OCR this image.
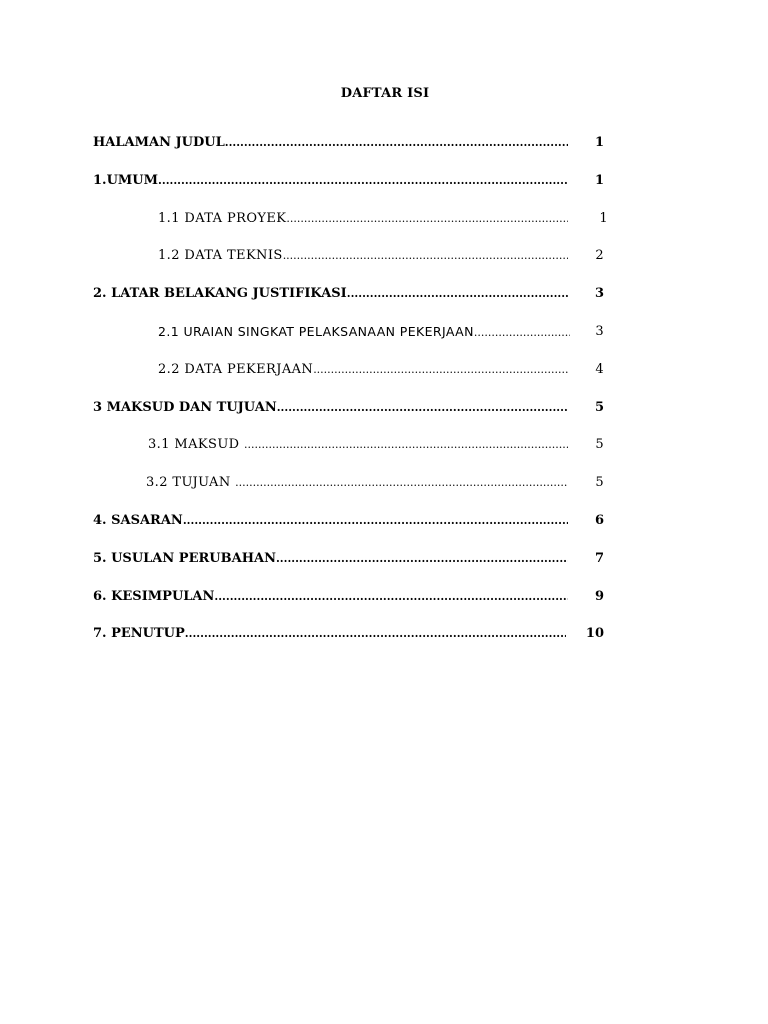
DAFTAR ISI
HALAMAN JUDUL .....	1
1.UMUM .....	1
1.1 DATA PROYEK .....	1
1.2 DATA TEKNIS .....	2
2. LATAR BELAKANG JUSTIFIKASI .....	3
2.1 URAIAN SINGKAT PELAKSANAAN PEKERJAAN .....	3
2.2 DATA PEKERJAAN .....	4
3 MAKSUD DAN TUJUAN .....	5
3.1 MAKSUD .....	5
3.2 TUJUAN .....	5
4. SASARAN .....	6
5. USULAN PERUBAHAN .....	7
6. KESIMPULAN .....	9
7. PENUTUP .....	10
